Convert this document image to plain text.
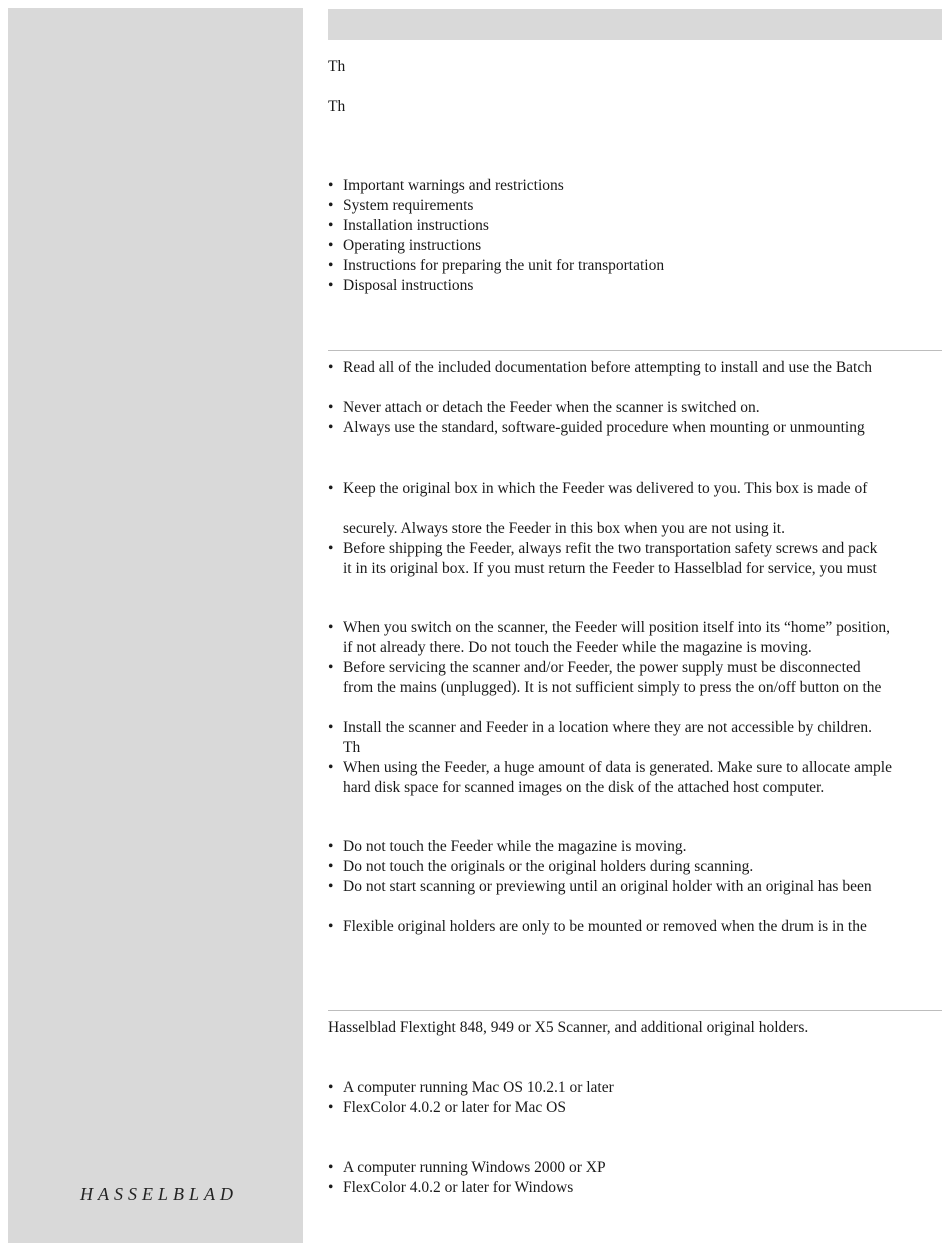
HASSELBLAD
Th
Th
• Important warnings and restrictions
• System requirements
• Installation instructions
• Operating instructions
• Instructions for preparing the unit for transportation
• Disposal instructions
• Read all of the included documentation before attempting to install and use the Batch
• Never attach or detach the Feeder when the scanner is switched on.
• Always use the standard, software-guided procedure when mounting or unmounting
• Keep the original box in which the Feeder was delivered to you. This box is made of
securely. Always store the Feeder in this box when you are not using it.
• Before shipping the Feeder, always refit the two transportation safety screws and pack
it in its original box. If you must return the Feeder to Hasselblad for service, you must
• When you switch on the scanner, the Feeder will position itself into its “home” position,
if not already there. Do not touch the Feeder while the magazine is moving.
• Before servicing the scanner and/or Feeder, the power supply must be disconnected
from the mains (unplugged). It is not sufficient simply to press the on/off button on the
• Install the scanner and Feeder in a location where they are not accessible by children.
Th
• When using the Feeder, a huge amount of data is generated. Make sure to allocate ample
hard disk space for scanned images on the disk of the attached host computer.
• Do not touch the Feeder while the magazine is moving.
• Do not touch the originals or the original holders during scanning.
• Do not start scanning or previewing until an original holder with an original has been
• Flexible original holders are only to be mounted or removed when the drum is in the
Hasselblad Flextight 848, 949 or X5 Scanner, and additional original holders.
• A computer running Mac OS 10.2.1 or later
• FlexColor 4.0.2 or later for Mac OS
• A computer running Windows 2000 or XP
• FlexColor 4.0.2 or later for Windows
